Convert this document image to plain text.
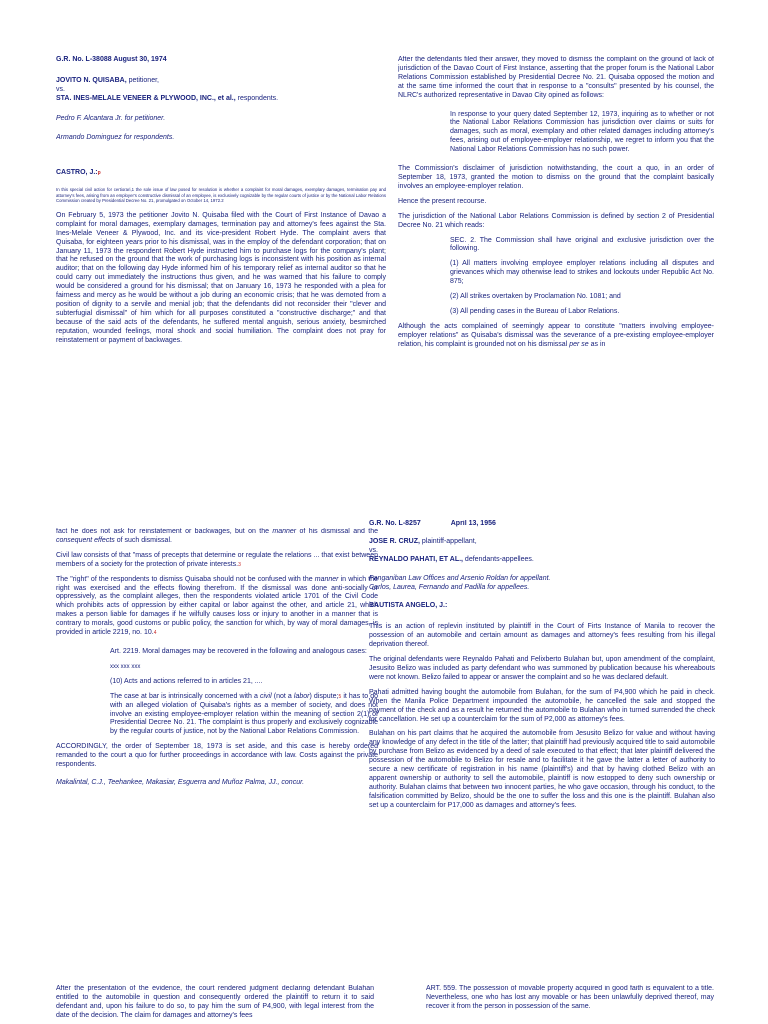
G.R. No. L-38088 August 30, 1974

JOVITO N. QUISABA, petitioner,

vs.

STA. INES-MELALE VENEER & PLYWOOD, INC., et al., respondents.

Pedro F. Alcantara Jr. for petitioner.

Armando Dominguez for respondents.

CASTRO, J.:p

In this special civil action for certiorari,1 the sole issue of law posed for resolution is whether a complaint for moral damages, exemplary damages, termination pay and attorney's fees, arising from an employer's constructive dismissal of an employee, is exclusively cognizable by the regular courts of justice or by the National Labor Relations Commission created by Presidential Decree No. 21, promulgated on October 14, 1972.2

On February 5, 1973 the petitioner Jovito N. Quisaba filed with the Court of First Instance of Davao a complaint for moral damages, exemplary damages, termination pay and attorney's fees against the Sta. Ines-Melale Veneer & Plywood, Inc. and its vice-president Robert Hyde. The complaint avers that Quisaba, for eighteen years prior to his dismissal, was in the employ of the defendant corporation; that on January 11, 1973 the respondent Robert Hyde instructed him to purchase logs for the company's plant; that he refused on the ground that the work of purchasing logs is inconsistent with his position as internal auditor; that on the following day Hyde informed him of his temporary relief as internal auditor so that he could carry out immediately the instructions thus given, and he was warned that his failure to comply would be considered a ground for his dismissal; that on January 16, 1973 he responded with a plea for fairness and mercy as he would be without a job during an economic crisis; that he was demoted from a position of dignity to a servile and menial job; that the defendants did not reconsider their "clever and subterfugial dismissal" of him which for all purposes constituted a "constructive discharge;" and that because of the said acts of the defendants, he suffered mental anguish, serious anxiety, besmirched reputation, wounded feelings, moral shock and social humiliation. The complaint does not pray for reinstatement or payment of backwages.

After the defendants filed their answer, they moved to dismiss the complaint on the ground of lack of jurisdiction of the Davao Court of First Instance, asserting that the proper forum is the National Labor Relations Commission established by Presidential Decree No. 21. Quisaba opposed the motion and at the same time informed the court that in response to a "consults" presented by his counsel, the NLRC's authorized representative in Davao City opined as follows:

In response to your query dated September 12, 1973, inquiring as to whether or not the National Labor Relations Commission has jurisdiction over claims or suits for damages, such as moral, exemplary and other related damages including attorney's fees, arising out of employee-employer relationship, we regret to inform you that the National Labor Relations Commission has no such power.

The Commission's disclaimer of jurisdiction notwithstanding, the court a quo, in an order of September 18, 1973, granted the motion to dismiss on the ground that the complaint basically involves an employee-employer relation.

Hence the present recourse.

The jurisdiction of the National Labor Relations Commission is defined by section 2 of Presidential Decree No. 21 which reads:

SEC. 2. The Commission shall have original and exclusive jurisdiction over the following.

(1) All matters involving employee employer relations including all disputes and grievances which may otherwise lead to strikes and lockouts under Republic Act No. 875;

(2) All strikes overtaken by Proclamation No. 1081; and

(3) All pending cases in the Bureau of Labor Relations.

Although the acts complained of seemingly appear to constitute "matters involving employee-employer relations" as Quisaba's dismissal was the severance of a pre-existing employee-employer relation, his complaint is grounded not on his dismissal per se as in

fact he does not ask for reinstatement or backwages, but on the manner of his dismissal and the consequent effects of such dismissal.

Civil law consists of that "mass of precepts that determine or regulate the relations ... that exist between members of a society for the protection of private interests.3

The "right" of the respondents to dismiss Quisaba should not be confused with the manner in which the right was exercised and the effects flowing therefrom. If the dismissal was done anti-socially or oppressively, as the complaint alleges, then the respondents violated article 1701 of the Civil Code which prohibits acts of oppression by either capital or labor against the other, and article 21, which makes a person liable for damages if he wilfully causes loss or injury to another in a manner that is contrary to morals, good customs or public policy, the sanction for which, by way of moral damages, is provided in article 2219, no. 10.4

Art. 2219. Moral damages may be recovered in the following and analogous cases:

xxx xxx xxx

(10) Acts and actions referred to in articles 21, ....

The case at bar is intrinsically concerned with a civil (not a labor) dispute;5 it has to do with an alleged violation of Quisaba's rights as a member of society, and does not involve an existing employee-employer relation within the meaning of section 2(1) of Presidential Decree No. 21. The complaint is thus properly and exclusively cognizable by the regular courts of justice, not by the National Labor Relations Commission.

ACCORDINGLY, the order of September 18, 1973 is set aside, and this case is hereby ordered remanded to the court a quo for further proceedings in accordance with law. Costs against the private respondents.

Makalintal, C.J., Teehankee, Makasiar, Esguerra and Muñoz Palma, JJ., concur.

G.R. No. L-8257	April 13, 1956

JOSE R. CRUZ, plaintiff-appellant,

vs.

REYNALDO PAHATI, ET AL., defendants-appellees.

Panganiban Law Offices and Arsenio Roldan for appellant.

Carlos, Laurea, Fernando and Padilla for appellees.

BAUTISTA ANGELO, J.:

This is an action of replevin instituted by plaintiff in the Court of Firts Instance of Manila to recover the possession of an automobile and certain amount as damages and attorney's fees resulting from his illegal deprivation thereof.

The original defendants were Reynaldo Pahati and Felixberto Bulahan but, upon amendment of the complaint, Jesusito Belizo was included as party defendant who was summoned by publication because his whereabouts were not known. Belizo failed to appear or answer the complaint and so he was declared default.

Pahati admitted having bought the automobile from Bulahan, for the sum of P4,900 which he paid in check. When the Manila Police Department impounded the automobile, he cancelled the sale and stopped the payment of the check and as a result he returned the automobile to Bulahan who in turned surrended the check for cancellation. He set up a counterclaim for the sum of P2,000 as attorney's fees.

Bulahan on his part claims that he acquired the automobile from Jesusito Belizo for value and without having any knowledge of any defect in the title of the latter; that plaintiff had previously acquired title to said automobile by purchase from Belizo as evidenced by a deed of sale executed to that effect; that later plaintiff delivered the possession of the automobile to Belizo for resale and to facilitate it he gave the latter a letter of authority to secure a new certificate of registration in his name (plaintiff's) and that by having clothed Belizo with an apparent ownership or authority to sell the automobile, plaintiff is now estopped to deny such ownership or authority. Bulahan claims that between two innocent parties, he who gave occasion, through his conduct, to the falsification committed by Belizo, should be the one to suffer the loss and this one is the plaintiff. Bulahan also set up a counterclaim for P17,000 as damages and attorney's fees.

After the presentation of the evidence, the court rendered judgment declaring defendant Bulahan entitled to the automobile in question and consequently ordered the plaintiff to return it to said defendant and, upon his failure to do so, to pay him the sum of P4,900, with legal interest from the date of the decision. The claim for damages and attorney's fees

ART. 559. The possession of movable property acquired in good faith is equivalent to a title. Nevertheless, one who has lost any movable or has been unlawfully deprived thereof, may recover it from the person in possession of the same.
